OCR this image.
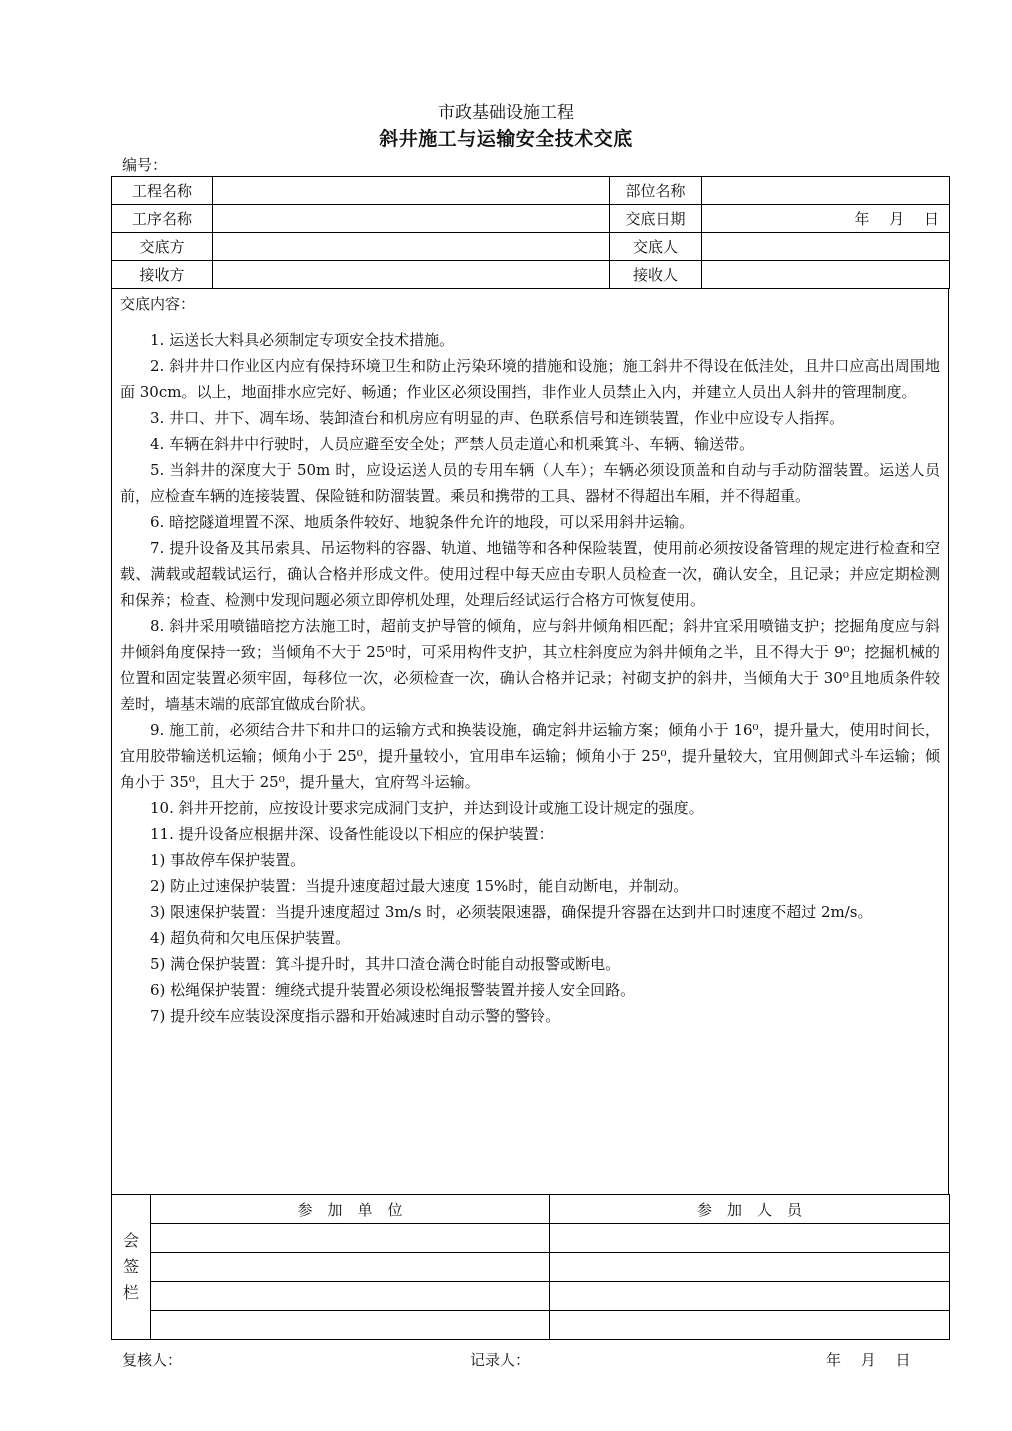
市政基础设施工程
斜井施工与运输安全技术交底
编号：
工程名称		部位名称	
工序名称		交底日期	年　 月　 日
交底方		交底人	
接收方		接收人	
交底内容：

1. 运送长大料具必须制定专项安全技术措施。

2. 斜井井口作业区内应有保持环境卫生和防止污染环境的措施和设施；施工斜井不得设在低洼处，且井口应高出周围地面 30cm。以上，地面排水应完好、畅通；作业区必须设围挡，非作业人员禁止入内，并建立人员出人斜井的管理制度。

3. 井口、井下、凋车场、装卸渣台和机房应有明显的声、色联系信号和连锁装置，作业中应设专人指挥。

4. 车辆在斜井中行驶时，人员应避至安全处；严禁人员走道心和机乘箕斗、车辆、输送带。

5. 当斜井的深度大于 50m 时，应设运送人员的专用车辆（人车）；车辆必须设顶盖和自动与手动防溜装置。运送人员前，应检查车辆的连接装置、保险链和防溜装置。乘员和携带的工具、器材不得超出车厢，并不得超重。

6. 暗挖隧道埋置不深、地质条件较好、地貌条件允许的地段，可以采用斜井运输。

7. 提升设备及其吊索具、吊运物料的容器、轨道、地锚等和各种保险装置，使用前必须按设备管理的规定进行检查和空载、满载或超载试运行，确认合格并形成文件。使用过程中每天应由专职人员检查一次，确认安全，且记录；并应定期检测和保养；检查、检测中发现问题必须立即停机处理，处理后经试运行合格方可恢复使用。

8. 斜井采用喷锚暗挖方法施工时，超前支护导管的倾角，应与斜井倾角相匹配；斜井宜采用喷锚支护；挖掘角度应与斜井倾斜角度保持一致；当倾角不大于 25⁰时，可采用构件支护，其立柱斜度应为斜井倾角之半，且不得大于 9⁰；挖掘机械的位置和固定装置必须牢固，每移位一次，必须检查一次，确认合格并记录；衬砌支护的斜井，当倾角大于 30⁰且地质条件较差时，墙基末端的底部宜做成台阶状。

9. 施工前，必须结合井下和井口的运输方式和换装设施，确定斜井运输方案；倾角小于 16⁰，提升量大，使用时间长，宜用胶带输送机运输；倾角小于 25⁰，提升量较小，宜用串车运输；倾角小于 25⁰，提升量较大，宜用侧卸式斗车运输；倾角小于 35⁰，且大于 25⁰，提升量大，宜府驾斗运输。

10. 斜井开挖前，应按设计要求完成洞门支护，并达到设计或施工设计规定的强度。

11. 提升设备应根据井深、设备性能设以下相应的保护装置：

1) 事故停车保护装置。

2) 防止过速保护装置：当提升速度超过最大速度 15%时，能自动断电，并制动。

3) 限速保护装置：当提升速度超过 3m/s 时，必须装限速器，确保提升容器在达到井口时速度不超过 2m/s。

4) 超负荷和欠电压保护装置。

5) 满仓保护装置：箕斗提升时，其井口渣仓满仓时能自动报警或断电。

6) 松绳保护装置：缠绕式提升装置必须设松绳报警装置并接人安全回路。

7) 提升绞车应装设深度指示器和开始减速时自动示警的警铃。

会签栏	参　加　单　位	参　加　人　员

复核人：	记录人：	年　 月　 日
